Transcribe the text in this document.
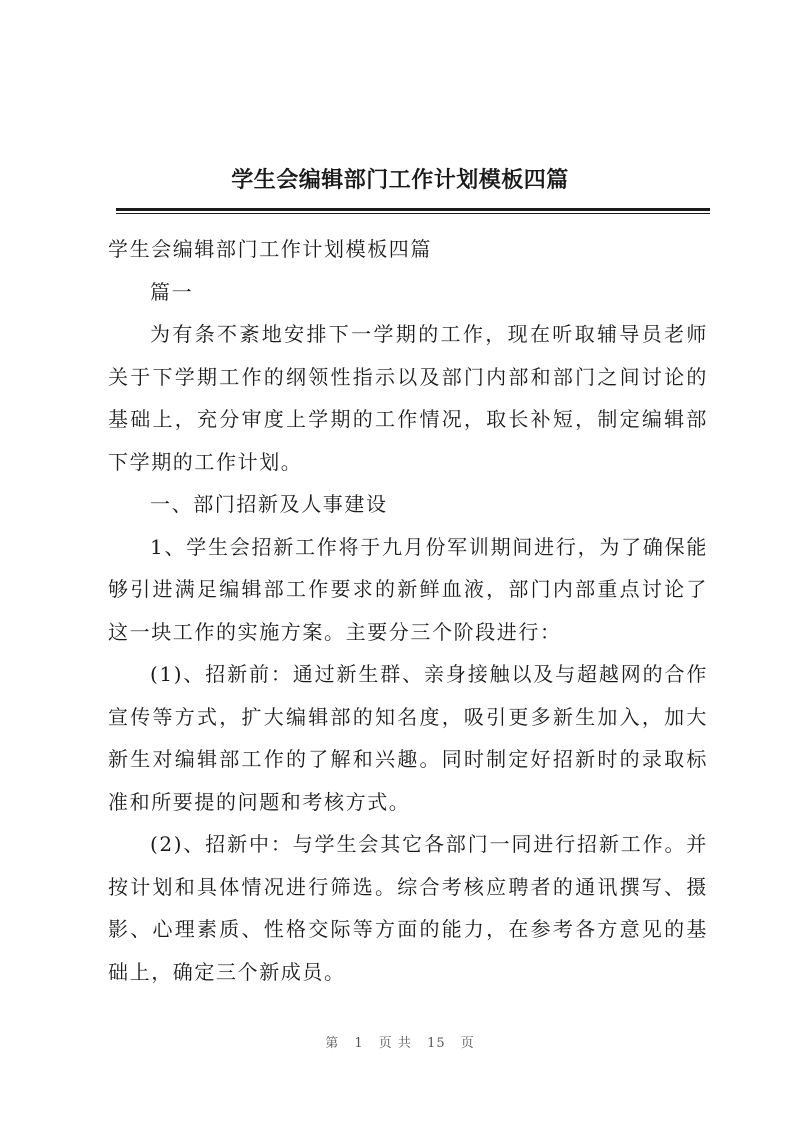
学生会编辑部门工作计划模板四篇

学生会编辑部门工作计划模板四篇

篇一

为有条不紊地安排下一学期的工作，现在听取辅导员老师关于下学期工作的纲领性指示以及部门内部和部门之间讨论的基础上，充分审度上学期的工作情况，取长补短，制定编辑部下学期的工作计划。

一、部门招新及人事建设

1、学生会招新工作将于九月份军训期间进行，为了确保能够引进满足编辑部工作要求的新鲜血液，部门内部重点讨论了这一块工作的实施方案。主要分三个阶段进行：

(1)、招新前：通过新生群、亲身接触以及与超越网的合作宣传等方式，扩大编辑部的知名度，吸引更多新生加入，加大新生对编辑部工作的了解和兴趣。同时制定好招新时的录取标准和所要提的问题和考核方式。

(2)、招新中：与学生会其它各部门一同进行招新工作。并按计划和具体情况进行筛选。综合考核应聘者的通讯撰写、摄影、心理素质、性格交际等方面的能力，在参考各方意见的基础上，确定三个新成员。

第 1 页 共 15 页
